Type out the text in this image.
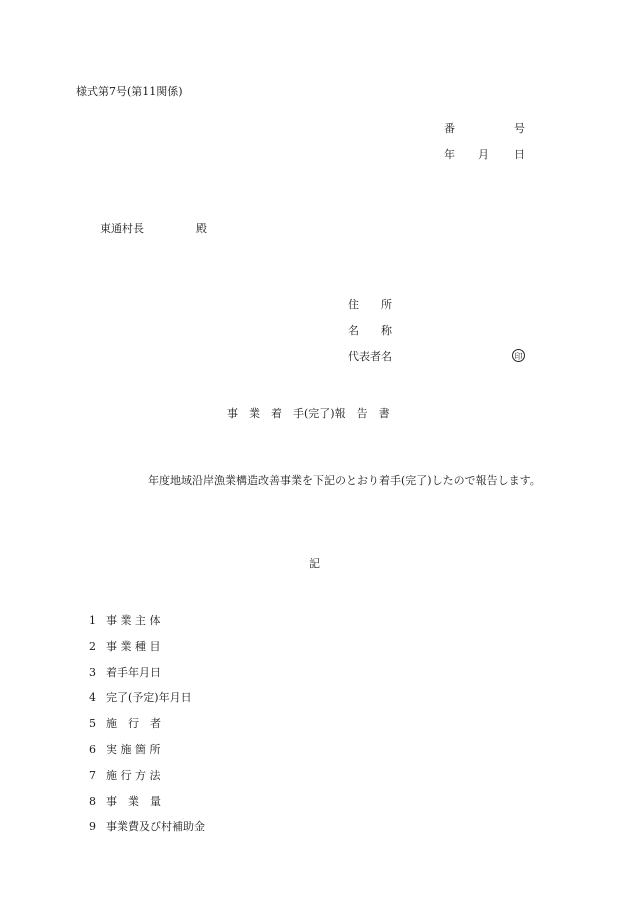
様式第7号(第11関係)
番	号
年 月 日
東通村長	殿
住　　所
名　　称
代表者名	印
事　業　着　手(完了)報　告　書
年度地域沿岸漁業構造改善事業を下記のとおり着手(完了)したので報告します。
記
1 事 業 主 体
2 事 業 種 目
3 着手年月日
4 完了(予定)年月日
5 施　行　者
6 実 施 箇 所
7 施 行 方 法
8 事　業　量
9 事業費及び村補助金
